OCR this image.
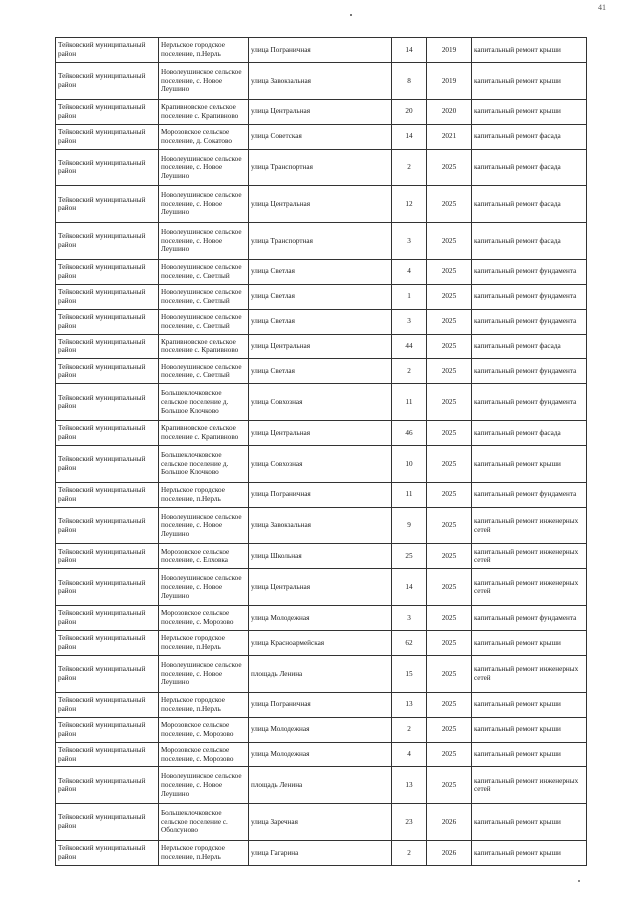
41
Тейковский муниципальный район	Нерльское городское поселение, п.Нерль	улица Пограничная	14	2019	капитальный ремонт крыши
Тейковский муниципальный район	Новолеушинское сельское поселение, с. Новое Леушино	улица Завокзальная	8	2019	капитальный ремонт крыши
Тейковский муниципальный район	Крапивновское сельское поселение с. Крапивново	улица Центральная	20	2020	капитальный ремонт крыши
Тейковский муниципальный район	Морозовское сельское поселение, д. Сокатово	улица Советская	14	2021	капитальный ремонт фасада
Тейковский муниципальный район	Новолеушинское сельское поселение, с. Новое Леушино	улица Транспортная	2	2025	капитальный ремонт фасада
Тейковский муниципальный район	Новолеушинское сельское поселение, с. Новое Леушино	улица Центральная	12	2025	капитальный ремонт фасада
Тейковский муниципальный район	Новолеушинское сельское поселение, с. Новое Леушино	улица Транспортная	3	2025	капитальный ремонт фасада
Тейковский муниципальный район	Новолеушинское сельское поселение, с. Светлый	улица Светлая	4	2025	капитальный ремонт фундамента
Тейковский муниципальный район	Новолеушинское сельское поселение, с. Светлый	улица Светлая	1	2025	капитальный ремонт фундамента
Тейковский муниципальный район	Новолеушинское сельское поселение, с. Светлый	улица Светлая	3	2025	капитальный ремонт фундамента
Тейковский муниципальный район	Крапивновское сельское поселение с. Крапивново	улица Центральная	44	2025	капитальный ремонт фасада
Тейковский муниципальный район	Новолеушинское сельское поселение, с. Светлый	улица Светлая	2	2025	капитальный ремонт фундамента
Тейковский муниципальный район	Большеклочковское сельское поселение д. Большое Клочково	улица Совхозная	11	2025	капитальный ремонт фундамента
Тейковский муниципальный район	Крапивновское сельское поселение с. Крапивново	улица Центральная	46	2025	капитальный ремонт фасада
Тейковский муниципальный район	Большеклочковское сельское поселение д. Большое Клочково	улица Совхозная	10	2025	капитальный ремонт крыши
Тейковский муниципальный район	Нерльское городское поселение, п.Нерль	улица Пограничная	11	2025	капитальный ремонт фундамента
Тейковский муниципальный район	Новолеушинское сельское поселение, с. Новое Леушино	улица Завокзальная	9	2025	капитальный ремонт инженерных сетей
Тейковский муниципальный район	Морозовское сельское поселение, с. Елховка	улица Школьная	25	2025	капитальный ремонт инженерных сетей
Тейковский муниципальный район	Новолеушинское сельское поселение, с. Новое Леушино	улица Центральная	14	2025	капитальный ремонт инженерных сетей
Тейковский муниципальный район	Морозовское сельское поселение, с. Морозово	улица Молодежная	3	2025	капитальный ремонт фундамента
Тейковский муниципальный район	Нерльское городское поселение, п.Нерль	улица Красноармейская	62	2025	капитальный ремонт крыши
Тейковский муниципальный район	Новолеушинское сельское поселение, с. Новое Леушино	площадь Ленина	15	2025	капитальный ремонт инженерных сетей
Тейковский муниципальный район	Нерльское городское поселение, п.Нерль	улица Пограничная	13	2025	капитальный ремонт крыши
Тейковский муниципальный район	Морозовское сельское поселение, с. Морозово	улица Молодежная	2	2025	капитальный ремонт крыши
Тейковский муниципальный район	Морозовское сельское поселение, с. Морозово	улица Молодежная	4	2025	капитальный ремонт крыши
Тейковский муниципальный район	Новолеушинское сельское поселение, с. Новое Леушино	площадь Ленина	13	2025	капитальный ремонт инженерных сетей
Тейковский муниципальный район	Большеклочковское сельское поселение с. Оболсуново	улица Заречная	23	2026	капитальный ремонт крыши
Тейковский муниципальный район	Нерльское городское поселение, п.Нерль	улица Гагарина	2	2026	капитальный ремонт крыши
